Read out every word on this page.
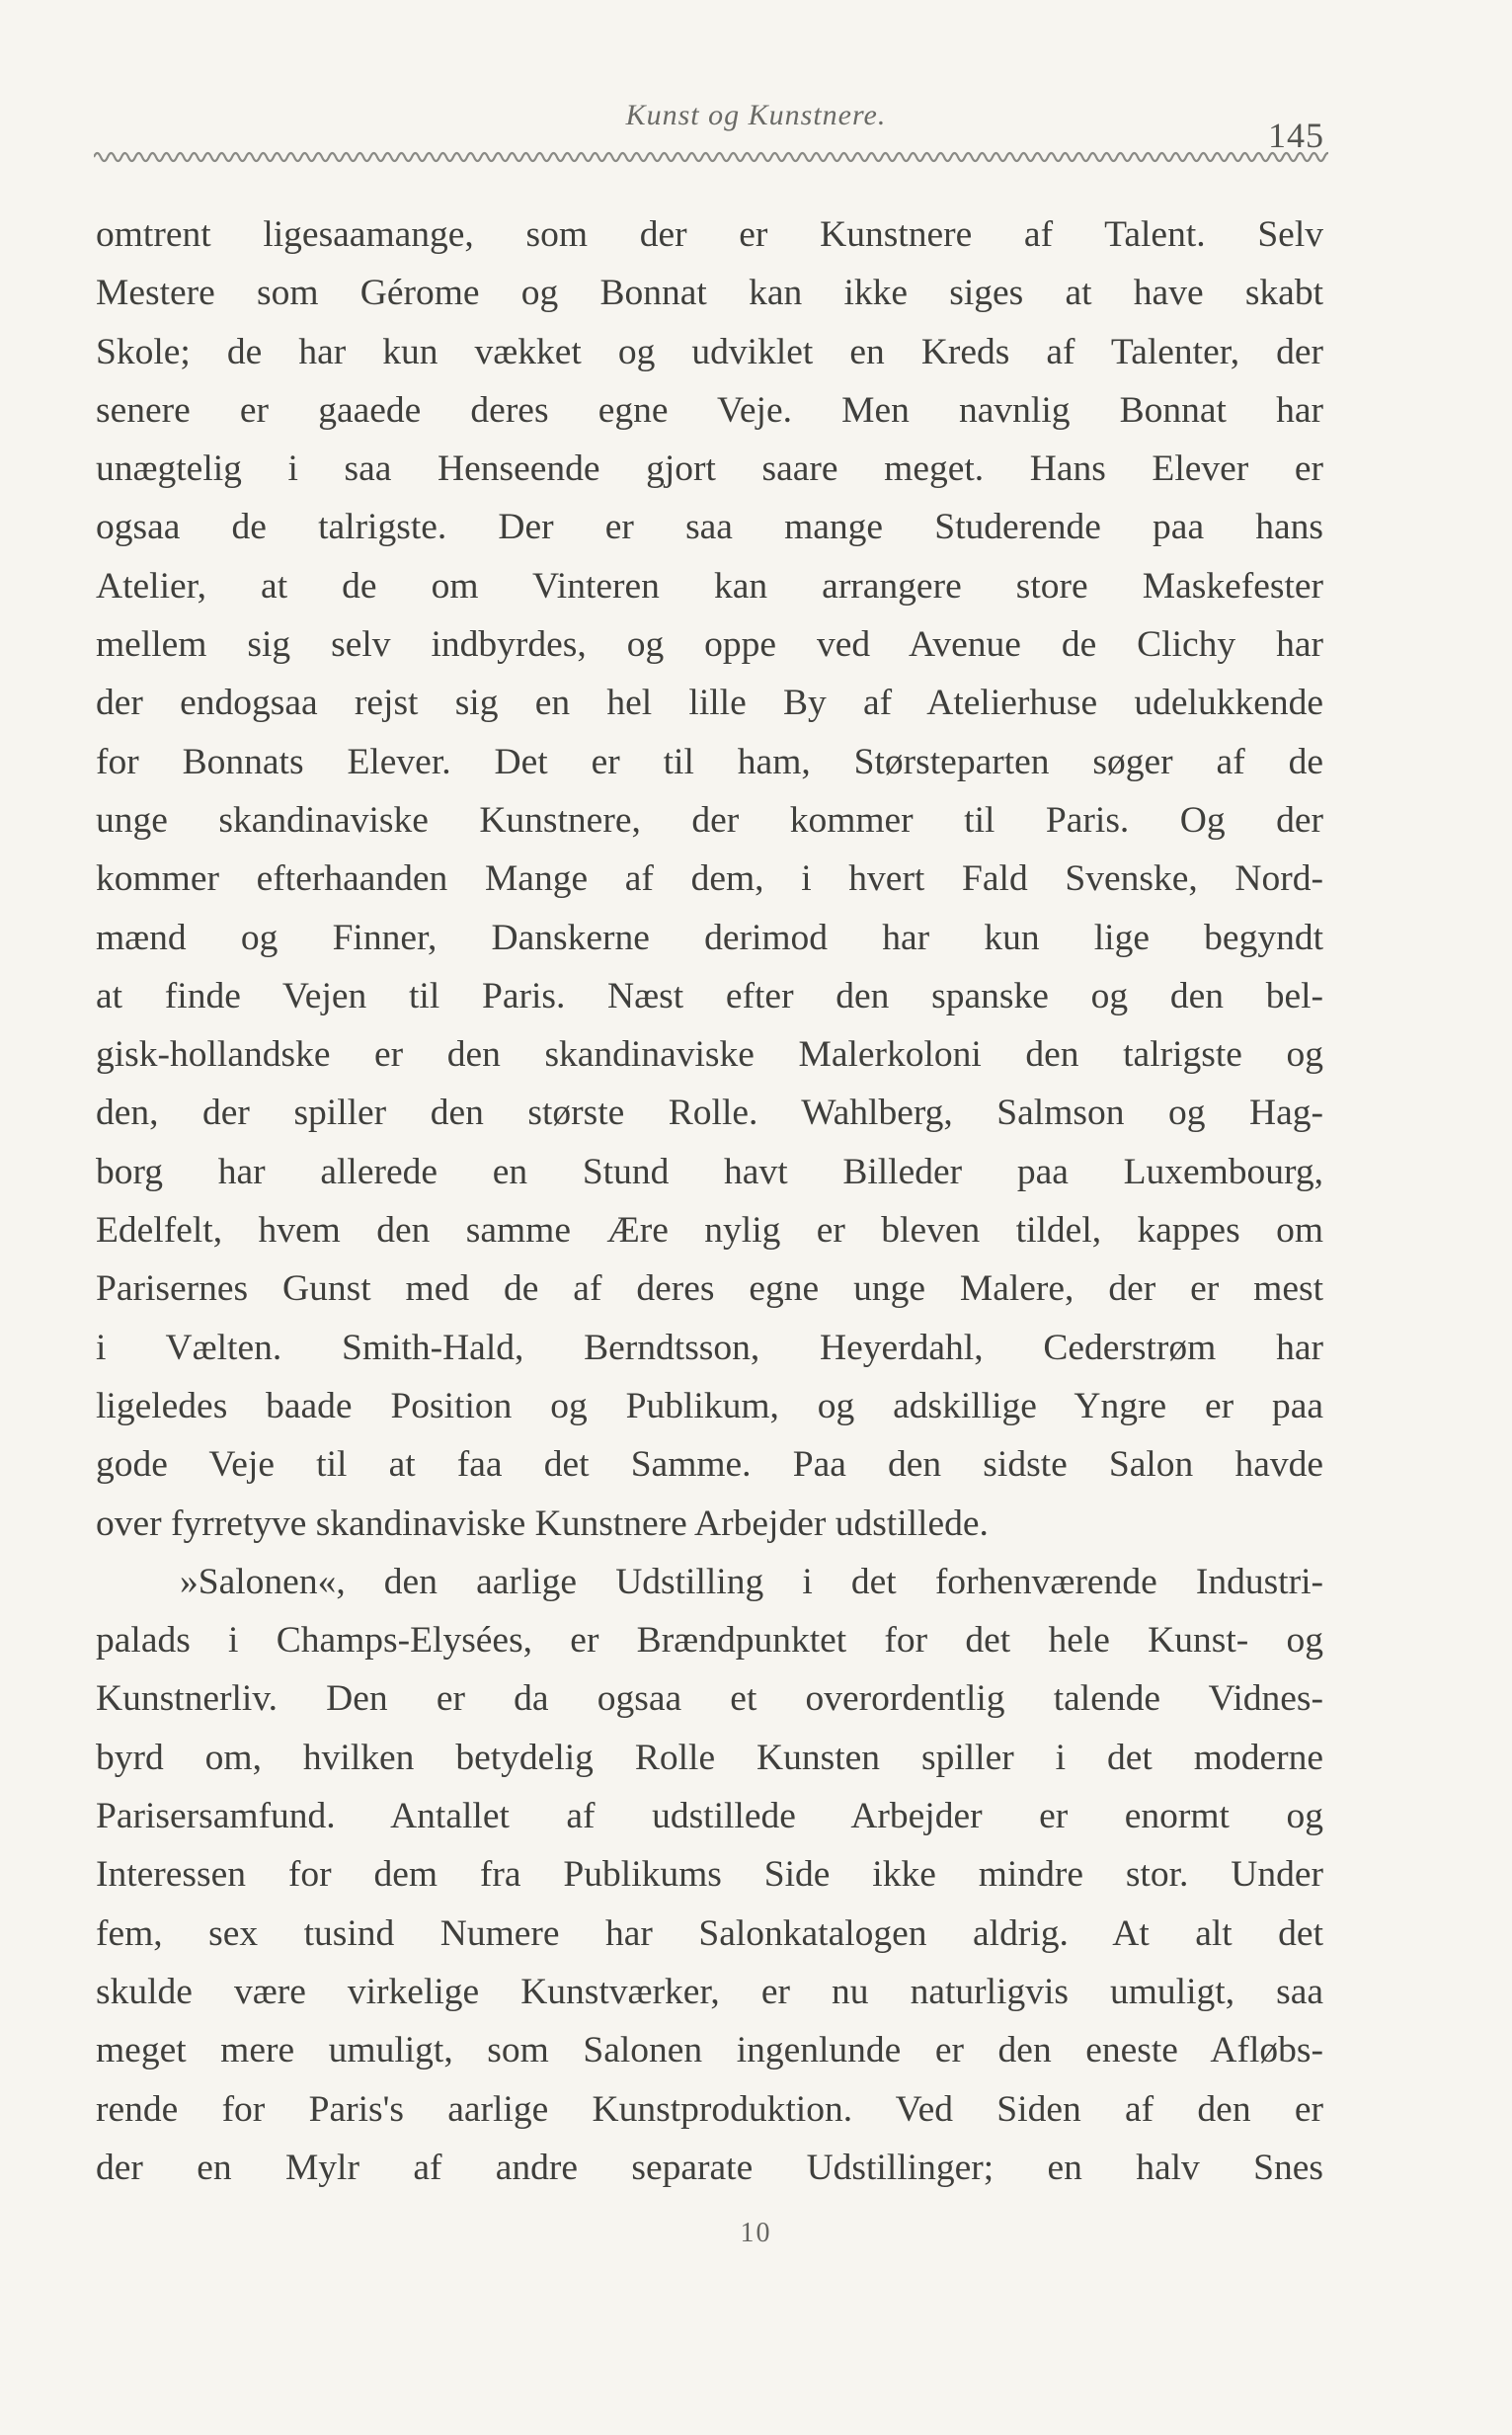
Kunst og Kunstnere.
145
omtrent ligesaamange, som der er Kunstnere af Talent. Selv
Mestere som Gérome og Bonnat kan ikke siges at have skabt
Skole; de har kun vækket og udviklet en Kreds af Talenter, der
senere er gaaede deres egne Veje. Men navnlig Bonnat har
unægtelig i saa Henseende gjort saare meget. Hans Elever er
ogsaa de talrigste. Der er saa mange Studerende paa hans
Atelier, at de om Vinteren kan arrangere store Maskefester
mellem sig selv indbyrdes, og oppe ved Avenue de Clichy har
der endogsaa rejst sig en hel lille By af Atelierhuse udelukkende
for Bonnats Elever. Det er til ham, Størsteparten søger af de
unge skandinaviske Kunstnere, der kommer til Paris. Og der
kommer efterhaanden Mange af dem, i hvert Fald Svenske, Nord-
mænd og Finner, Danskerne derimod har kun lige begyndt
at finde Vejen til Paris. Næst efter den spanske og den bel-
gisk-hollandske er den skandinaviske Malerkoloni den talrigste og
den, der spiller den største Rolle. Wahlberg, Salmson og Hag-
borg har allerede en Stund havt Billeder paa Luxembourg,
Edelfelt, hvem den samme Ære nylig er bleven tildel, kappes om
Parisernes Gunst med de af deres egne unge Malere, der er mest
i Vælten. Smith-Hald, Berndtsson, Heyerdahl, Cederstrøm har
ligeledes baade Position og Publikum, og adskillige Yngre er paa
gode Veje til at faa det Samme. Paa den sidste Salon havde
over fyrretyve skandinaviske Kunstnere Arbejder udstillede.
»Salonen«, den aarlige Udstilling i det forhenværende Industri-
palads i Champs-Elysées, er Brændpunktet for det hele Kunst- og
Kunstnerliv. Den er da ogsaa et overordentlig talende Vidnes-
byrd om, hvilken betydelig Rolle Kunsten spiller i det moderne
Parisersamfund. Antallet af udstillede Arbejder er enormt og
Interessen for dem fra Publikums Side ikke mindre stor. Under
fem, sex tusind Numere har Salonkatalogen aldrig. At alt det
skulde være virkelige Kunstværker, er nu naturligvis umuligt, saa
meget mere umuligt, som Salonen ingenlunde er den eneste Afløbs-
rende for Paris's aarlige Kunstproduktion. Ved Siden af den er
der en Mylr af andre separate Udstillinger; en halv Snes
10
